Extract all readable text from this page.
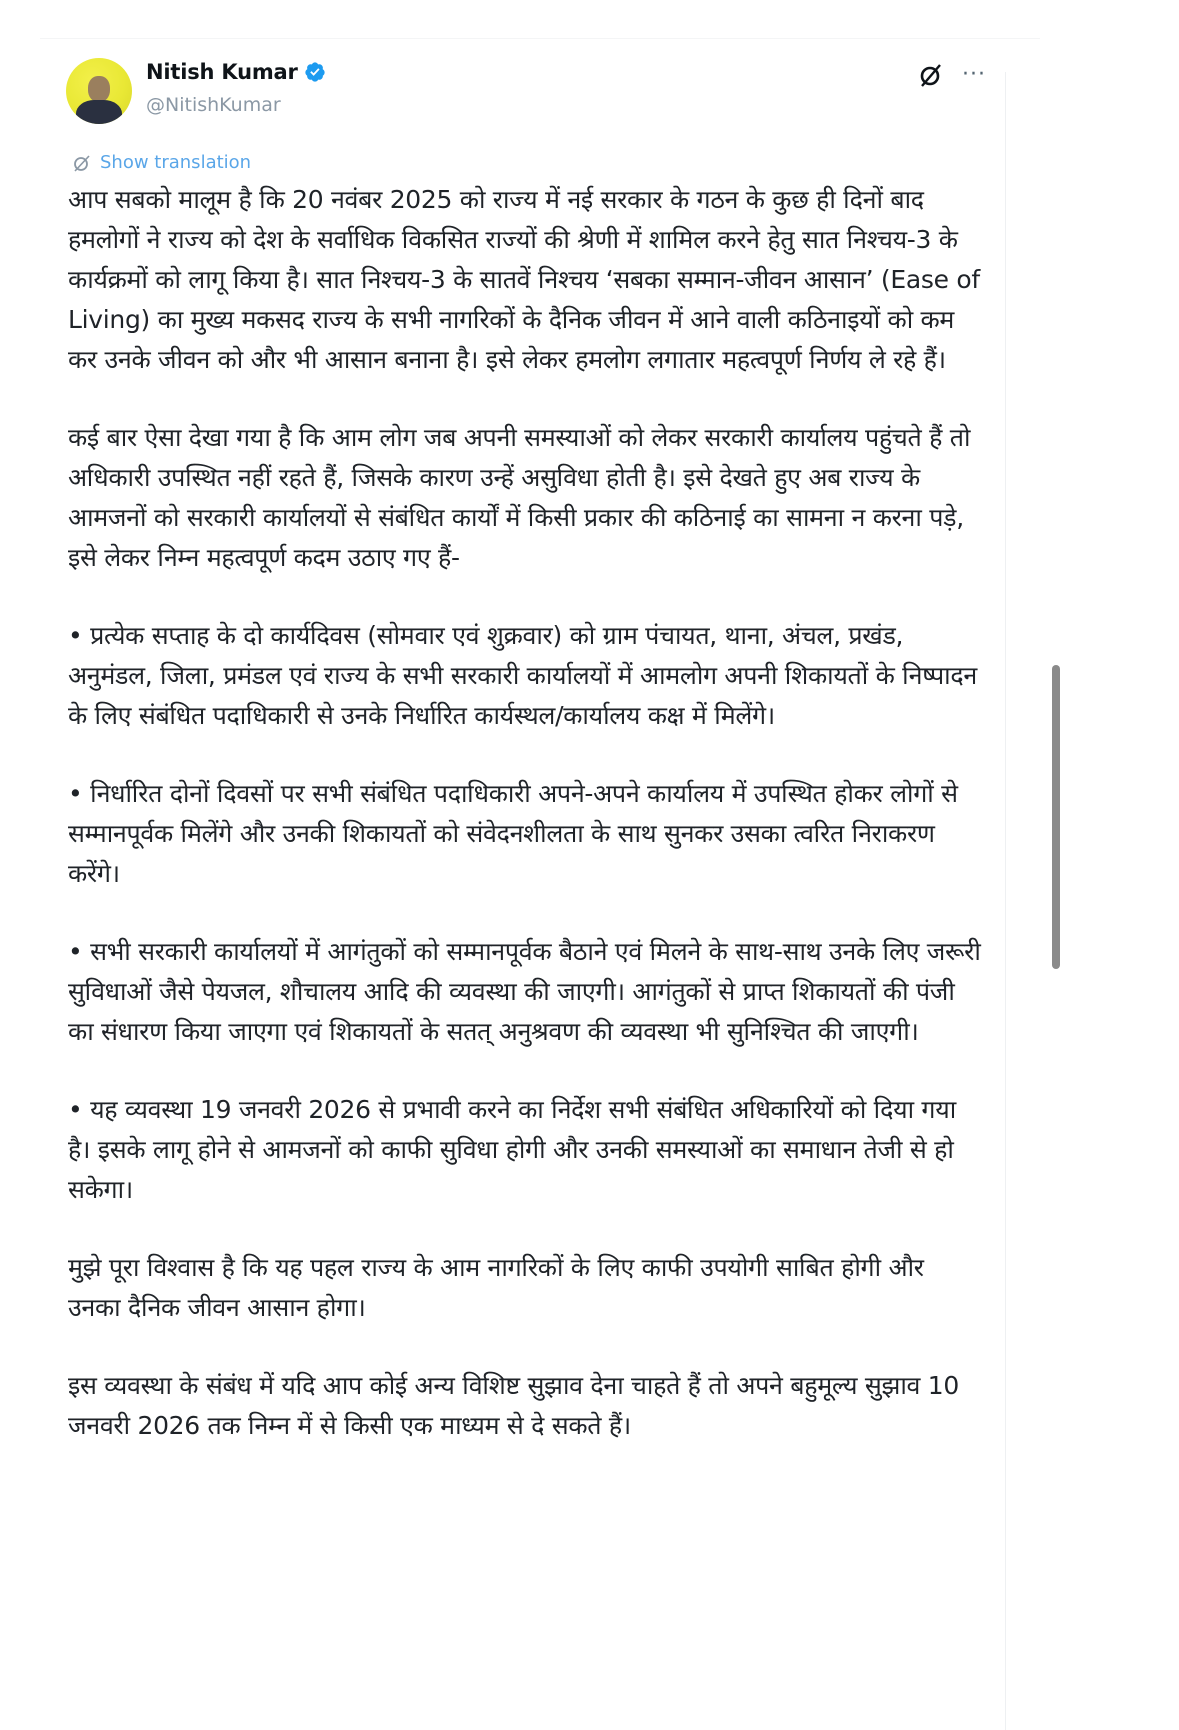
Nitish Kumar
@NitishKumar
···
Show translation

आप सबको मालूम है कि 20 नवंबर 2025 को राज्य में नई सरकार के गठन के कुछ ही दिनों बाद हमलोगों ने राज्य को देश के सर्वाधिक विकसित राज्यों की श्रेणी में शामिल करने हेतु सात निश्चय-3 के कार्यक्रमों को लागू किया है। सात निश्चय-3 के सातवें निश्चय ‘सबका सम्मान-जीवन आसान’ (Ease of Living) का मुख्य मकसद राज्य के सभी नागरिकों के दैनिक जीवन में आने वाली कठिनाइयों को कम कर उनके जीवन को और भी आसान बनाना है। इसे लेकर हमलोग लगातार महत्वपूर्ण निर्णय ले रहे हैं।

कई बार ऐसा देखा गया है कि आम लोग जब अपनी समस्याओं को लेकर सरकारी कार्यालय पहुंचते हैं तो अधिकारी उपस्थित नहीं रहते हैं, जिसके कारण उन्हें असुविधा होती है। इसे देखते हुए अब राज्य के आमजनों को सरकारी कार्यालयों से संबंधित कार्यों में किसी प्रकार की कठिनाई का सामना न करना पड़े, इसे लेकर निम्न महत्वपूर्ण कदम उठाए गए हैं-

• प्रत्येक सप्ताह के दो कार्यदिवस (सोमवार एवं शुक्रवार) को ग्राम पंचायत, थाना, अंचल, प्रखंड, अनुमंडल, जिला, प्रमंडल एवं राज्य के सभी सरकारी कार्यालयों में आमलोग अपनी शिकायतों के निष्पादन के लिए संबंधित पदाधिकारी से उनके निर्धारित कार्यस्थल/कार्यालय कक्ष में मिलेंगे।

• निर्धारित दोनों दिवसों पर सभी संबंधित पदाधिकारी अपने-अपने कार्यालय में उपस्थित होकर लोगों से सम्मानपूर्वक मिलेंगे और उनकी शिकायतों को संवेदनशीलता के साथ सुनकर उसका त्वरित निराकरण करेंगे।

• सभी सरकारी कार्यालयों में आगंतुकों को सम्मानपूर्वक बैठाने एवं मिलने के साथ-साथ उनके लिए जरूरी सुविधाओं जैसे पेयजल, शौचालय आदि की व्यवस्था की जाएगी। आगंतुकों से प्राप्त शिकायतों की पंजी का संधारण किया जाएगा एवं शिकायतों के सतत् अनुश्रवण की व्यवस्था भी सुनिश्चित की जाएगी।

• यह व्यवस्था 19 जनवरी 2026 से प्रभावी करने का निर्देश सभी संबंधित अधिकारियों को दिया गया है। इसके लागू होने से आमजनों को काफी सुविधा होगी और उनकी समस्याओं का समाधान तेजी से हो सकेगा।

मुझे पूरा विश्वास है कि यह पहल राज्य के आम नागरिकों के लिए काफी उपयोगी साबित होगी और उनका दैनिक जीवन आसान होगा।

इस व्यवस्था के संबंध में यदि आप कोई अन्य विशिष्ट सुझाव देना चाहते हैं तो अपने बहुमूल्य सुझाव 10 जनवरी 2026 तक निम्न में से किसी एक माध्यम से दे सकते हैं।
